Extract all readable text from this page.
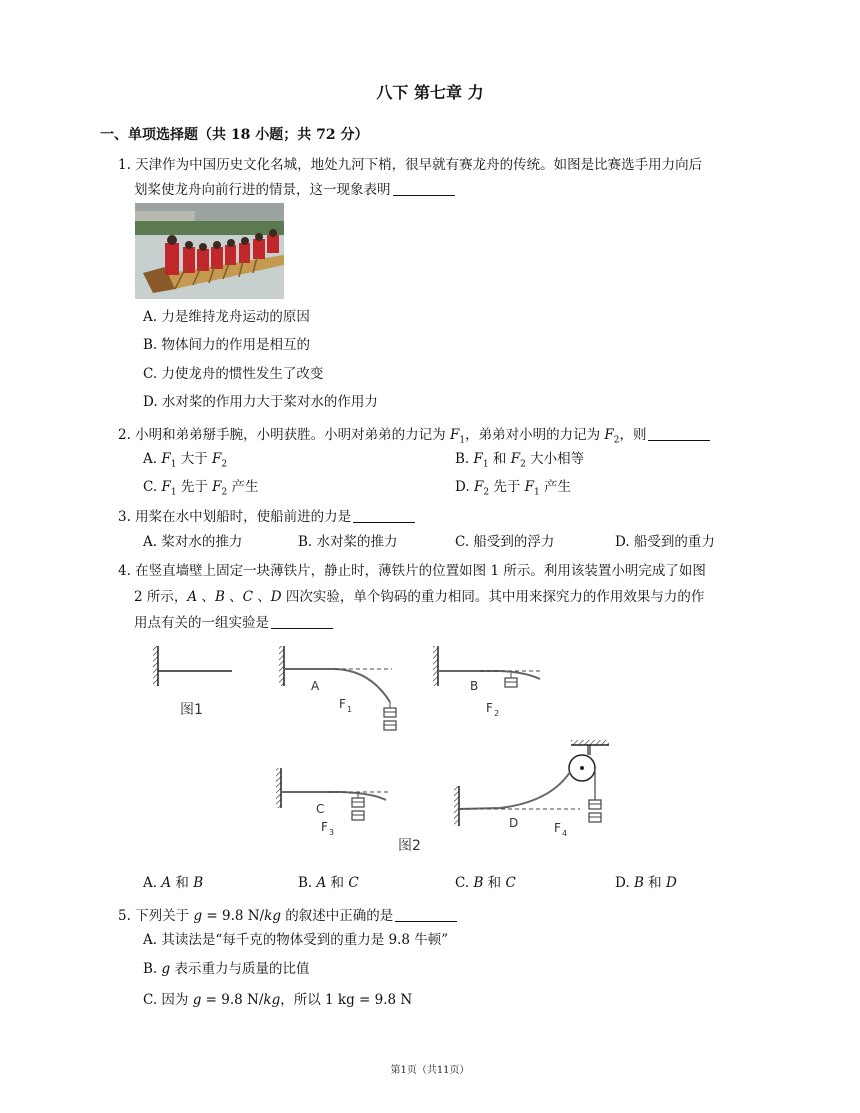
八下 第七章 力
一、单项选择题（共 18 小题；共 72 分）
1. 天津作为中国历史文化名城，地处九河下梢，很早就有赛龙舟的传统。如图是比赛选手用力向后
划桨使龙舟向前行进的情景，这一现象表明
A. 力是维持龙舟运动的原因
B. 物体间力的作用是相互的
C. 力使龙舟的惯性发生了改变
D. 水对桨的作用力大于桨对水的作用力
2. 小明和弟弟掰手腕，小明获胜。小明对弟弟的力记为 $F_1$，弟弟对小明的力记为 $F_2$，则
A. $F_1$ 大于 $F_2$	B. $F_1$ 和 $F_2$ 大小相等
C. $F_1$ 先于 $F_2$ 产生	D. $F_2$ 先于 $F_1$ 产生
3. 用桨在水中划船时，使船前进的力是
A. 桨对水的推力	B. 水对桨的推力	C. 船受到的浮力	D. 船受到的重力
4. 在竖直墙壁上固定一块薄铁片，静止时，薄铁片的位置如图 1 所示。利用该装置小明完成了如图
2 所示，A 、B 、C 、D 四次实验，单个钩码的重力相同。其中用来探究力的作用效果与力的作
用点有关的一组实验是
图1
A
F 1
B
F 2
C
F 3
D	F 4
图2
A. A 和 B	B. A 和 C	C. B 和 C	D. B 和 D
5. 下列关于 g = 9.8 N/kg 的叙述中正确的是
A. 其读法是“每千克的物体受到的重力是 9.8 牛顿”
B. g 表示重力与质量的比值
C. 因为 g = 9.8 N/kg，所以 1 kg = 9.8 N
第1页（共11页）
